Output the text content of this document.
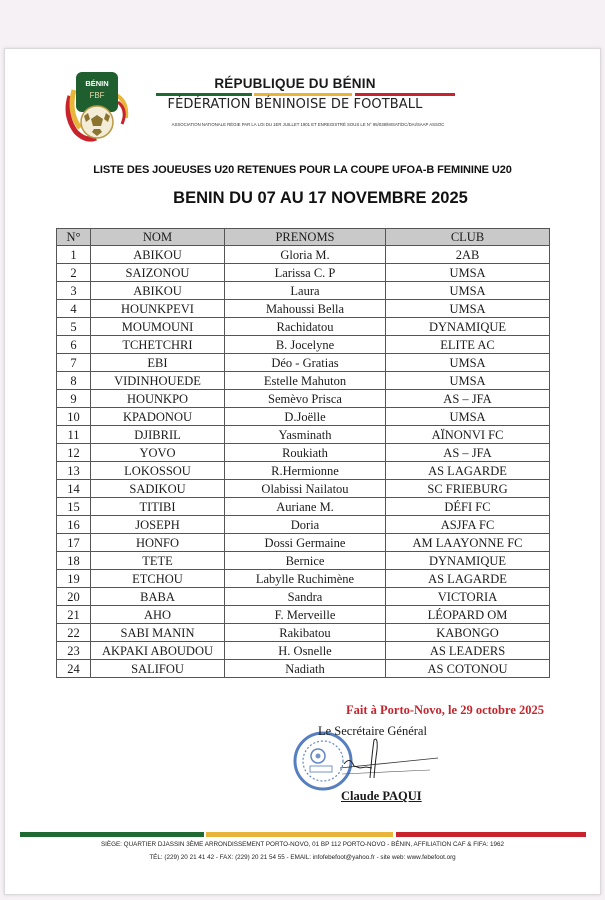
BÉNIN
FBF
RÉPUBLIQUE DU BÉNIN
FÉDÉRATION BÉNINOISE DE FOOTBALL
ASSOCIATION NATIONALE RÉGIE PAR LA LOI DU 1ER JUILLET 1901 ET ENREGISTRÉ SOUS LE N° 95/038/MISAT/DC/DAI/SAAP ASSOC
LISTE DES JOUEUSES U20 RETENUES POUR LA COUPE UFOA-B FEMININE U20
BENIN DU 07 AU 17 NOVEMBRE 2025
N°	NOM	PRENOMS	CLUB
1	ABIKOU	Gloria M.	2AB
2	SAIZONOU	Larissa C. P	UMSA
3	ABIKOU	Laura	UMSA
4	HOUNKPEVI	Mahoussi Bella	UMSA
5	MOUMOUNI	Rachidatou	DYNAMIQUE
6	TCHETCHRI	B. Jocelyne	ELITE AC
7	EBI	Déo - Gratias	UMSA
8	VIDINHOUEDE	Estelle Mahuton	UMSA
9	HOUNKPO	Semèvo Prisca	AS – JFA
10	KPADONOU	D.Joëlle	UMSA
11	DJIBRIL	Yasminath	AÏNONVI FC
12	YOVO	Roukiath	AS – JFA
13	LOKOSSOU	R.Hermionne	AS LAGARDE
14	SADIKOU	Olabissi Nailatou	SC FRIEBURG
15	TITIBI	Auriane M.	DÉFI FC
16	JOSEPH	Doria	ASJFA FC
17	HONFO	Dossi Germaine	AM LAAYONNE FC
18	TETE	Bernice	DYNAMIQUE
19	ETCHOU	Labylle Ruchimène	AS LAGARDE
20	BABA	Sandra	VICTORIA
21	AHO	F. Merveille	LÉOPARD OM
22	SABI MANIN	Rakibatou	KABONGO
23	AKPAKI ABOUDOU	H. Osnelle	AS LEADERS
24	SALIFOU	Nadiath	AS COTONOU
Fait à Porto-Novo, le 29 octobre 2025
Le Secrétaire Général
Claude PAQUI
SIÈGE: QUARTIER DJASSIN 3ÈME ARRONDISSEMENT PORTO-NOVO, 01 BP 112 PORTO-NOVO - BÉNIN, AFFILIATION CAF & FIFA: 1962
TÉL: (229) 20 21 41 42 - FAX: (229) 20 21 54 55 - EMAIL: infofebefoot@yahoo.fr - site web: www.febefoot.org
